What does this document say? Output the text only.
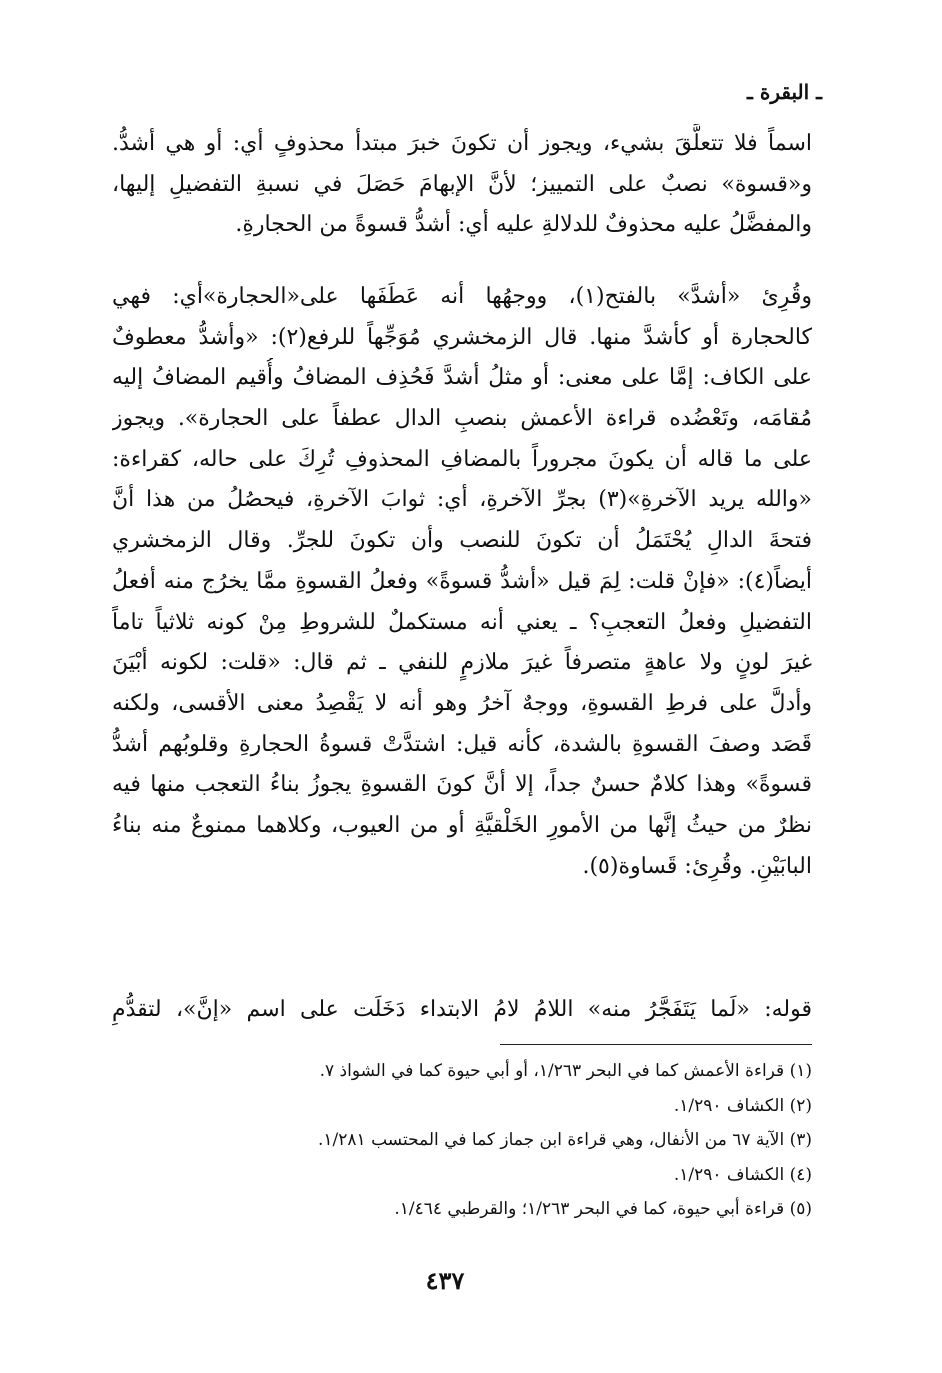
ـ البقرة ـ
اسماً فلا تتعلَّقَ بشيء، ويجوز أن تكونَ خبرَ مبتدأ محذوفٍ أي: أو هي أشدُّ.
و«قسوة» نصبٌ على التمييز؛ لأنَّ الإبهامَ حَصَلَ في نسبةِ التفضيلِ إليها،
والمفضَّلُ عليه محذوفٌ للدلالةِ عليه أي: أشدُّ قسوةً من الحجارةِ.
وقُرِئ «أشدَّ» بالفتح(١)، ووجهُها أنه عَطَفَها على«الحجارة»أي: فهي
كالحجارة أو كأشدَّ منها. قال الزمخشري مُوَجِّهاً للرفع(٢): «وأشدُّ معطوفٌ
على الكاف: إمَّا على معنى: أو مثلُ أشدَّ فَحُذِف المضافُ وأُقيم المضافُ إليه
مُقامَه، وتَعْضُده قراءة الأعمش بنصبِ الدال عطفاً على الحجارة». ويجوز
على ما قاله أن يكونَ مجروراً بالمضافِ المحذوفِ تُرِكَ على حاله، كقراءة:
«والله يريد الآخرةِ»(٣) بجرِّ الآخرةِ، أي: ثوابَ الآخرةِ، فيحصُلُ من هذا أنَّ
فتحةَ الدالِ يُحْتَمَلُ أن تكونَ للنصب وأن تكونَ للجرِّ. وقال الزمخشري
أيضاً(٤): «فإنْ قلت: لِمَ قيل «أشدُّ قسوةً» وفعلُ القسوةِ ممَّا يخرُج منه أفعلُ
التفضيلِ وفعلُ التعجبِ؟ ـ يعني أنه مستكملٌ للشروطِ مِنْ كونه ثلاثياً تاماً
غيرَ لونٍ ولا عاهةٍ متصرفاً غيرَ ملازمٍ للنفي ـ ثم قال: «قلت: لكونه أبْيَنَ
وأدلَّ على فرطِ القسوةِ، ووجهٌ آخرُ وهو أنه لا يَقْصِدُ معنى الأقسى، ولكنه
قَصَد وصفَ القسوةِ بالشدة، كأنه قيل: اشتدَّتْ قسوةُ الحجارةِ وقلوبُهم أشدُّ
قسوةً» وهذا كلامٌ حسنٌ جداً، إلا أنَّ كونَ القسوةِ يجوزُ بناءُ التعجب منها فيه
نظرٌ من حيثُ إنَّها من الأمورِ الخَلْقيَّةِ أو من العيوب، وكلاهما ممنوعٌ منه بناءُ
البابَيْنِ. وقُرِئ: قَساوة(٥).
قوله: «لَما يَتَفَجَّرُ منه» اللامُ لامُ الابتداء دَخَلَت على اسم «إنَّ»، لتقدُّمِ
(١) قراءة الأعمش كما في البحر ١/٢٦٣، أو أبي حيوة كما في الشواذ ٧.
(٢) الكشاف ١/٢٩٠.
(٣) الآية ٦٧ من الأنفال، وهي قراءة ابن جماز كما في المحتسب ١/٢٨١.
(٤) الكشاف ١/٢٩٠.
(٥) قراءة أبي حيوة، كما في البحر ١/٢٦٣؛ والقرطبي ١/٤٦٤.
٤٣٧
